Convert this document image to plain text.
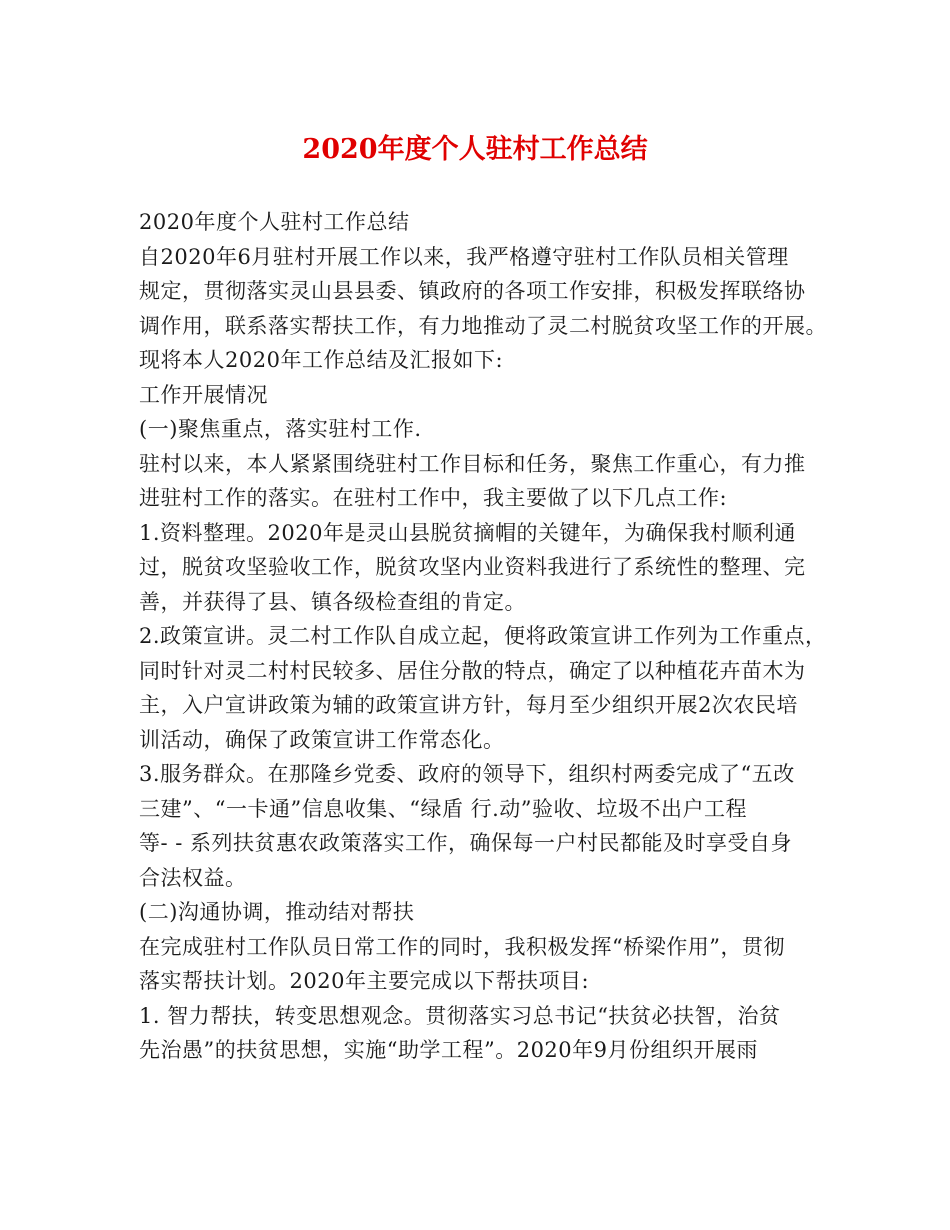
2020年度个人驻村工作总结
2020年度个人驻村工作总结
自2020年6月驻村开展工作以来，我严格遵守驻村工作队员相关管理
规定，贯彻落实灵山县县委、镇政府的各项工作安排，积极发挥联络协
调作用，联系落实帮扶工作，有力地推动了灵二村脱贫攻坚工作的开展。
现将本人2020年工作总结及汇报如下:
工作开展情况
(一)聚焦重点，落实驻村工作.
驻村以来，本人紧紧围绕驻村工作目标和任务，聚焦工作重心，有力推
进驻村工作的落实。在驻村工作中，我主要做了以下几点工作:
1.资料整理。2020年是灵山县脱贫摘帽的关键年，为确保我村顺利通
过，脱贫攻坚验收工作，脱贫攻坚内业资料我进行了系统性的整理、完
善，并获得了县、镇各级检查组的肯定。
2.政策宣讲。灵二村工作队自成立起，便将政策宣讲工作列为工作重点，
同时针对灵二村村民较多、居住分散的特点，确定了以种植花卉苗木为
主，入户宣讲政策为辅的政策宣讲方针，每月至少组织开展2次农民培
训活动，确保了政策宣讲工作常态化。
3.服务群众。在那隆乡党委、政府的领导下，组织村两委完成了“五改
三建”、“一卡通”信息收集、“绿盾 行.动”验收、垃圾不出户工程
等- - 系列扶贫惠农政策落实工作，确保每一户村民都能及时享受自身
合法权益。
(二)沟通协调，推动结对帮扶
在完成驻村工作队员日常工作的同时，我积极发挥“桥梁作用”，贯彻
落实帮扶计划。2020年主要完成以下帮扶项目:
1. 智力帮扶，转变思想观念。贯彻落实习总书记“扶贫必扶智，治贫
先治愚”的扶贫思想，实施“助学工程”。2020年9月份组织开展雨
